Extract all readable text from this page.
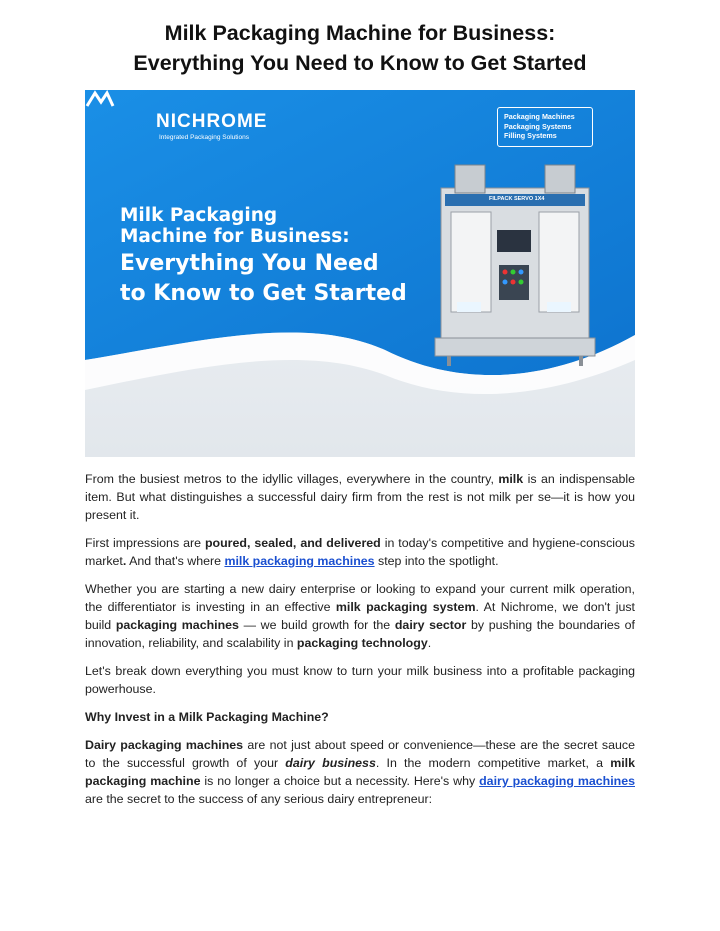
Milk Packaging Machine for Business:
Everything You Need to Know to Get Started
NICHROME
Integrated Packaging Solutions
Packaging Machines
Packaging Systems
Filling Systems
Milk Packaging
Machine for Business:
Everything You Need
to Know to Get Started
FILPACK SERVO 1X4

From the busiest metros to the idyllic villages, everywhere in the country, milk is an indispensable item. But what distinguishes a successful dairy firm from the rest is not milk per se—it is how you present it.

First impressions are poured, sealed, and delivered in today's competitive and hygiene-conscious market. And that's where milk packaging machines step into the spotlight.

Whether you are starting a new dairy enterprise or looking to expand your current milk operation, the differentiator is investing in an effective milk packaging system. At Nichrome, we don't just build packaging machines — we build growth for the dairy sector by pushing the boundaries of innovation, reliability, and scalability in packaging technology.

Let's break down everything you must know to turn your milk business into a profitable packaging powerhouse.

Why Invest in a Milk Packaging Machine?

Dairy packaging machines are not just about speed or convenience—these are the secret sauce to the successful growth of your dairy business. In the modern competitive market, a milk packaging machine is no longer a choice but a necessity. Here's why dairy packaging machines are the secret to the success of any serious dairy entrepreneur:
